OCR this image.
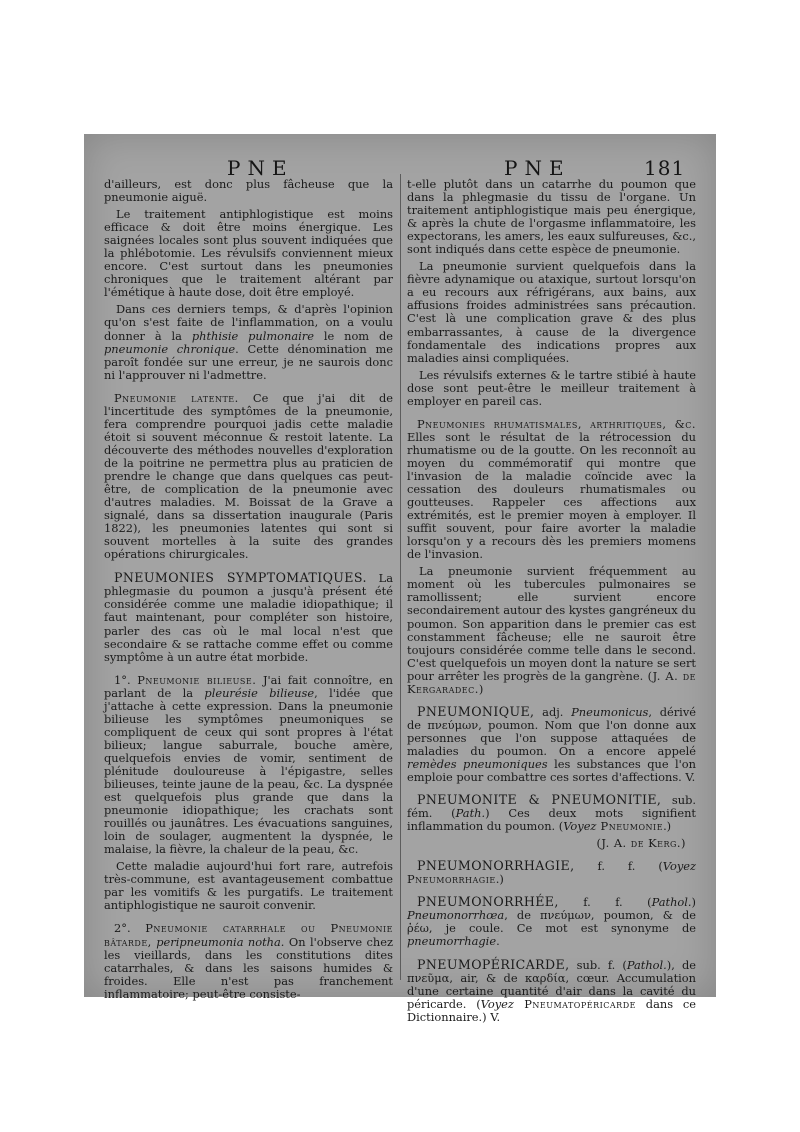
PNE	PNE	181

d'ailleurs, est donc plus fâcheuse que la pneumonie aiguë.

Le traitement antiphlogistique est moins efficace & doit être moins énergique. Les saignées locales sont plus souvent indiquées que la phlébotomie. Les révulsifs conviennent mieux encore. C'est surtout dans les pneumonies chroniques que le traitement altérant par l'émétique à haute dose, doit être employé.

Dans ces derniers temps, & d'après l'opinion qu'on s'est faite de l'inflammation, on a voulu donner à la phthisie pulmonaire le nom de pneumonie chronique. Cette dénomination me paroît fondée sur une erreur, je ne saurois donc ni l'approuver ni l'admettre.

Pneumonie latente. Ce que j'ai dit de l'incertitude des symptômes de la pneumonie, fera comprendre pourquoi jadis cette maladie étoit si souvent méconnue & restoit latente. La découverte des méthodes nouvelles d'exploration de la poitrine ne permettra plus au praticien de prendre le change que dans quelques cas peut-être, de complication de la pneumonie avec d'autres maladies. M. Boissat de la Grave a signalé, dans sa dissertation inaugurale (Paris 1822), les pneumonies latentes qui sont si souvent mortelles à la suite des grandes opérations chirurgicales.

PNEUMONIES SYMPTOMATIQUES. La phlegmasie du poumon a jusqu'à présent été considérée comme une maladie idiopathique; il faut maintenant, pour compléter son histoire, parler des cas où le mal local n'est que secondaire & se rattache comme effet ou comme symptôme à un autre état morbide.

1°. Pneumonie bilieuse. J'ai fait connoître, en parlant de la pleurésie bilieuse, l'idée que j'attache à cette expression. Dans la pneumonie bilieuse les symptômes pneumoniques se compliquent de ceux qui sont propres à l'état bilieux; langue saburrale, bouche amère, quelquefois envies de vomir, sentiment de plénitude douloureuse à l'épigastre, selles bilieuses, teinte jaune de la peau, &c. La dyspnée est quelquefois plus grande que dans la pneumonie idiopathique; les crachats sont rouillés ou jaunâtres. Les évacuations sanguines, loin de soulager, augmentent la dyspnée, le malaise, la fièvre, la chaleur de la peau, &c.

Cette maladie aujourd'hui fort rare, autrefois très-commune, est avantageusement combattue par les vomitifs & les purgatifs. Le traitement antiphlogistique ne sauroit convenir.

2°. Pneumonie catarrhale ou Pneumonie bâtarde, peripneumonia notha. On l'observe chez les vieillards, dans les constitutions dites catarrhales, & dans les saisons humides & froides. Elle n'est pas franchement inflammatoire; peut-être consiste-

t-elle plutôt dans un catarrhe du poumon que dans la phlegmasie du tissu de l'organe. Un traitement antiphlogistique mais peu énergique, & après la chute de l'orgasme inflammatoire, les expectorans, les amers, les eaux sulfureuses, &c., sont indiqués dans cette espèce de pneumonie.

La pneumonie survient quelquefois dans la fièvre adynamique ou ataxique, surtout lorsqu'on a eu recours aux réfrigérans, aux bains, aux affusions froides administrées sans précaution. C'est là une complication grave & des plus embarrassantes, à cause de la divergence fondamentale des indications propres aux maladies ainsi compliquées.

Les révulsifs externes & le tartre stibié à haute dose sont peut-être le meilleur traitement à employer en pareil cas.

Pneumonies rhumatismales, arthritiques, &c. Elles sont le résultat de la rétrocession du rhumatisme ou de la goutte. On les reconnoît au moyen du commémoratif qui montre que l'invasion de la maladie coïncide avec la cessation des douleurs rhumatismales ou goutteuses. Rappeler ces affections aux extrémités, est le premier moyen à employer. Il suffit souvent, pour faire avorter la maladie lorsqu'on y a recours dès les premiers momens de l'invasion.

La pneumonie survient fréquemment au moment où les tubercules pulmonaires se ramollissent; elle survient encore secondairement autour des kystes gangréneux du poumon. Son apparition dans le premier cas est constamment fâcheuse; elle ne sauroit être toujours considérée comme telle dans le second. C'est quelquefois un moyen dont la nature se sert pour arrêter les progrès de la gangrène. (J. A. de Kergaradec.)

PNEUMONIQUE, adj. Pneumonicus, dérivé de πνεύμων, poumon. Nom que l'on donne aux personnes que l'on suppose attaquées de maladies du poumon. On a encore appelé remèdes pneumoniques les substances que l'on emploie pour combattre ces sortes d'affections. V.

PNEUMONITE & PNEUMONITIE, sub. fém. (Path.) Ces deux mots signifient inflammation du poumon. (Voyez Pneumonie.)

(J. A. de Kerg.)

PNEUMONORRHAGIE, f. f. (Voyez Pneumorrhagie.)

PNEUMONORRHÉE, f. f. (Pathol.) Pneumonorrhœa, de πνεύμων, poumon, & de ῥέω, je coule. Ce mot est synonyme de pneumorrhagie.

PNEUMOPÉRICARDE, sub. f. (Pathol.), de πνεῦμα, air, & de καρδία, cœur. Accumulation d'une certaine quantité d'air dans la cavité du péricarde. (Voyez Pneumatopéricarde dans ce Dictionnaire.) V.
